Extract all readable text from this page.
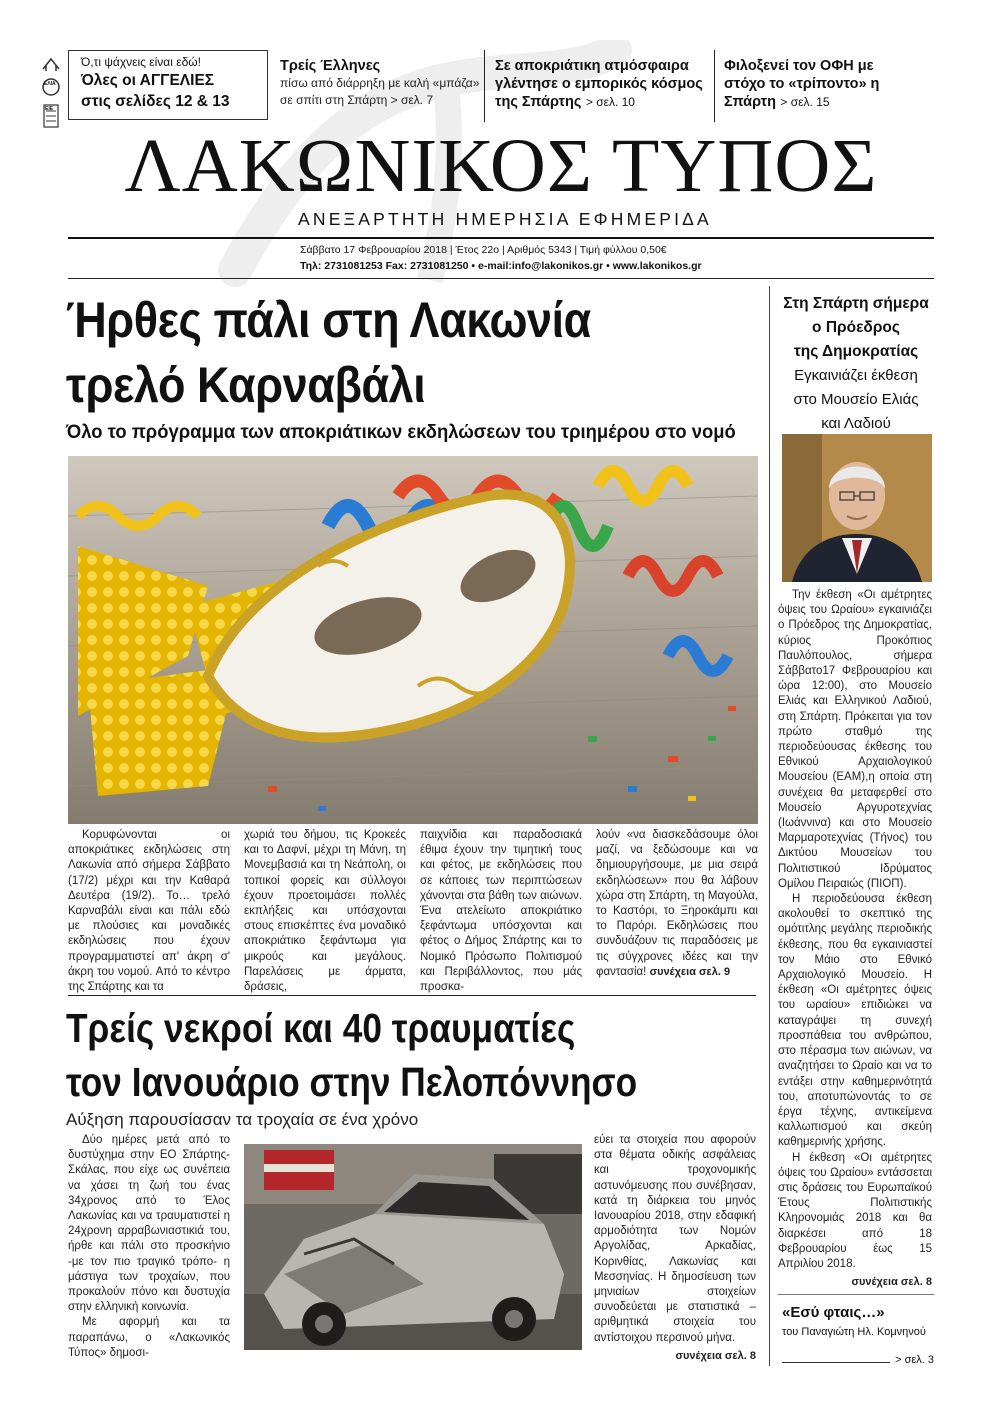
Ό,τι ψάχνεις είναι εδώ!
Όλες οι ΑΓΓΕΛΙΕΣ
στις σελίδες 12 & 13
ΕΛΙΑ
ΕΙΕ
Τρείς Έλληνες
πίσω από διάρρηξη με καλή «μπάζα» σε σπίτι στη Σπάρτη > σελ. 7
Σε αποκριάτικη ατμόσφαιρα γλέντησε ο εμπορικός κόσμος της Σπάρτης > σελ. 10
Φιλοξενεί τον ΟΦΗ με στόχο το «τρίποντο» η Σπάρτη > σελ. 15
ΛΑΚΩΝΙΚΟΣ ΤΥΠΟΣ
ΑΝΕΞΑΡΤΗΤΗ ΗΜΕΡΗΣΙΑ ΕΦΗΜΕΡΙΔΑ
Σάββατο 17 Φεβρουαρίου 2018 | Έτος 22ο | Αριθμός 5343 | Τιμή φύλλου 0,50€
Τηλ: 2731081253 Fax: 2731081250 • e-mail:info@lakonikos.gr • www.lakonikos.gr
Ήρθες πάλι στη Λακωνία
τρελό Καρναβάλι
Όλο το πρόγραμμα των αποκριάτικων εκδηλώσεων του τριημέρου στο νομό

Κορυφώνονται οι αποκριάτικες εκδηλώσεις στη Λακωνία από σήμερα Σάββατο (17/2) μέχρι και την Καθαρά Δευτέρα (19/2). Το… τρελό Καρναβάλι είναι και πάλι εδώ με πλούσιες και μοναδικές εκδηλώσεις που έχουν προγραμματιστεί απ' άκρη σ' άκρη του νομού. Από το κέντρο της Σπάρτης και τα

χωριά του δήμου, τις Κροκεές και το Δαφνί, μέχρι τη Μάνη, τη Μονεμβασιά και τη Νεάπολη, οι τοπικοί φορείς και σύλλογοι έχουν προετοιμάσει πολλές εκπλήξεις και υπόσχονται στους επισκέπτες ένα μοναδικό αποκριάτικο ξεφάντωμα για μικρούς και μεγάλους. Παρελάσεις με άρματα, δράσεις,

παιχνίδια και παραδοσιακά έθιμα έχουν την τιμητική τους και φέτος, με εκδηλώσεις που σε κάποιες των περιπτώσεων χάνονται στα βάθη των αιώνων. Ένα ατελείωτο αποκριάτικο ξεφάντωμα υπόσχονται και φέτος ο Δήμος Σπάρτης και το Νομικό Πρόσωπο Πολιτισμού και Περιβάλλοντος, που μάς προσκα-

λούν «να διασκεδάσουμε όλοι μαζί, να ξεδώσουμε και να δημιουργήσουμε, με μια σειρά εκδηλώσεων» που θα λάβουν χώρα στη Σπάρτη, τη Μαγούλα, το Καστόρι, το Ξηροκάμπι και το Παρόρι. Εκδηλώσεις που συνδυάζουν τις παραδόσεις με τις σύγχρονες ιδέες και την φαντασία! συνέχεια σελ. 9

Τρείς νεκροί και 40 τραυματίες
τον Ιανουάριο στην Πελοπόννησο
Αύξηση παρουσίασαν τα τροχαία σε ένα χρόνο

Δύο ημέρες μετά από το δυστύχημα στην ΕΟ Σπάρτης-Σκάλας, που είχε ως συνέπεια να χάσει τη ζωή του ένας 34χρονος από το Έλος Λακωνίας και να τραυματιστεί η 24χρονη αρραβωνιαστικιά του, ήρθε και πάλι στο προσκήνιο -με τον πιο τραγικό τρόπο- η μάστιγα των τροχαίων, που προκαλούν πόνο και δυστυχία στην ελληνική κοινωνία.

Με αφορμή και τα παραπάνω, ο «Λακωνικός Τύπος» δημοσι-

εύει τα στοιχεία που αφορούν στα θέματα οδικής ασφάλειας και τροχονομικής αστυνόμευσης που συνέβησαν, κατά τη διάρκεια του μηνός Ιανουαρίου 2018, στην εδαφική αρμοδιότητα των Νομών Αργολίδας, Αρκαδίας, Κορινθίας, Λακωνίας και Μεσσηνίας. Η δημοσίευση των μηνιαίων στοιχείων συνοδεύεται με στατιστικά – αριθμητικά στοιχεία του αντίστοιχου περσινού μήνα.

συνέχεια σελ. 8
Στη Σπάρτη σήμερα
ο Πρόεδρος
της Δημοκρατίας
Εγκαινιάζει έκθεση
στο Μουσείο Ελιάς
και Λαδιού

Την έκθεση «Οι αμέτρητες όψεις του Ωραίου» εγκαινιάζει ο Πρόεδρος της Δημοκρατίας, κύριος Προκόπιος Παυλόπουλος, σήμερα Σάββατο17 Φεβρουαρίου και ώρα 12:00), στο Μουσείο Ελιάς και Ελληνικού Λαδιού, στη Σπάρτη. Πρόκειται για τον πρώτο σταθμό της περιοδεύουσας έκθεσης του Εθνικού Αρχαιολογικού Μουσείου (ΕΑΜ),η οποία στη συνέχεια θα μεταφερθεί στο Μουσείο Αργυροτεχνίας (Ιωάννινα) και στο Μουσείο Μαρμαροτεχνίας (Τήνος) του Δικτύου Μουσείων του Πολιτιστικού Ιδρύματος Ομίλου Πειραιώς (ΠΙΟΠ).

Η περιοδεύουσα έκθεση ακολουθεί το σκεπτικό της ομότιτλης μεγάλης περιοδικής έκθεσης, που θα εγκαινιαστεί τον Μάιο στο Εθνικό Αρχαιολογικό Μουσείο. Η έκθεση «Οι αμέτρητες όψεις του ωραίου» επιδιώκει να καταγράψει τη συνεχή προσπάθεια του ανθρώπου, στο πέρασμα των αιώνων, να αναζητήσει το Ωραίο και να το εντάξει στην καθημερινότητά του, αποτυπώνοντάς το σε έργα τέχνης, αντικείμενα καλλωπισμού και σκεύη καθημερινής χρήσης.

Η έκθεση «Οι αμέτρητες όψεις του Ωραίου» εντάσσεται στις δράσεις του Ευρωπαϊκού Έτους Πολιτιστικής Κληρονομιάς 2018 και θα διαρκέσει από 18 Φεβρουαρίου έως 15 Απριλίου 2018.

συνέχεια σελ. 8
«Εσύ φταις…»
του Παναγιώτη Ηλ. Κομνηνού
> σελ. 3
